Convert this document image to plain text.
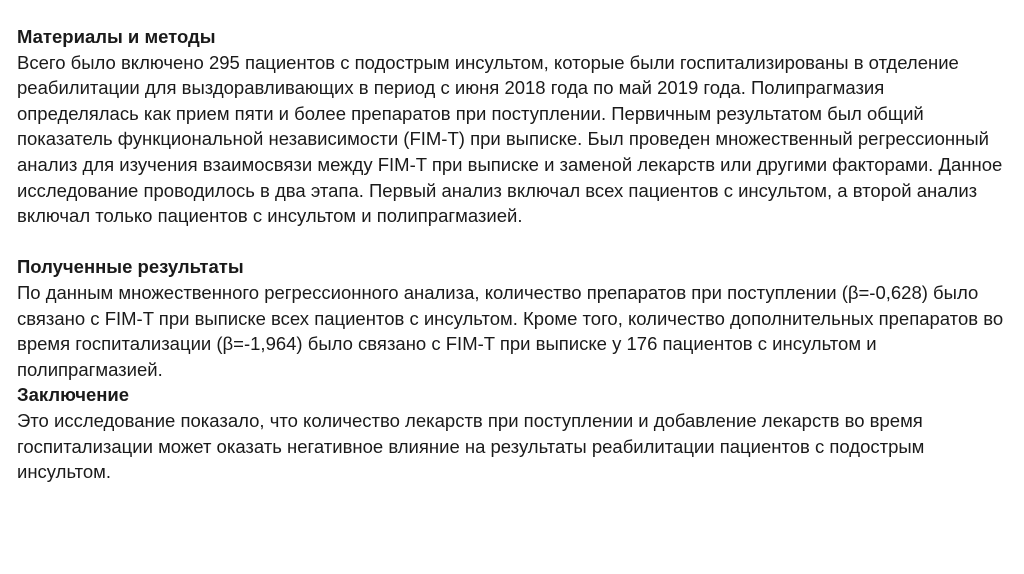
Материалы и методы

Всего было включено 295 пациентов с подострым инсультом, которые были госпитализированы в отделение реабилитации для выздоравливающих в период с июня 2018 года по май 2019 года. Полипрагмазия определялась как прием пяти и более препаратов при поступлении. Первичным результатом был общий показатель функциональной независимости (FIM-T) при выписке. Был проведен множественный регрессионный анализ для изучения взаимосвязи между FIM-T при выписке и заменой лекарств или другими факторами. Данное исследование проводилось в два этапа. Первый анализ включал всех пациентов с инсультом, а второй анализ включал только пациентов с инсультом и полипрагмазией.

Полученные результаты

По данным множественного регрессионного анализа, количество препаратов при поступлении (β=-0,628) было связано с FIM-T при выписке всех пациентов с инсультом. Кроме того, количество дополнительных препаратов во время госпитализации (β=-1,964) было связано с FIM-T при выписке у 176 пациентов с инсультом и полипрагмазией.

Заключение

Это исследование показало, что количество лекарств при поступлении и добавление лекарств во время госпитализации может оказать негативное влияние на результаты реабилитации пациентов с подострым инсультом.
